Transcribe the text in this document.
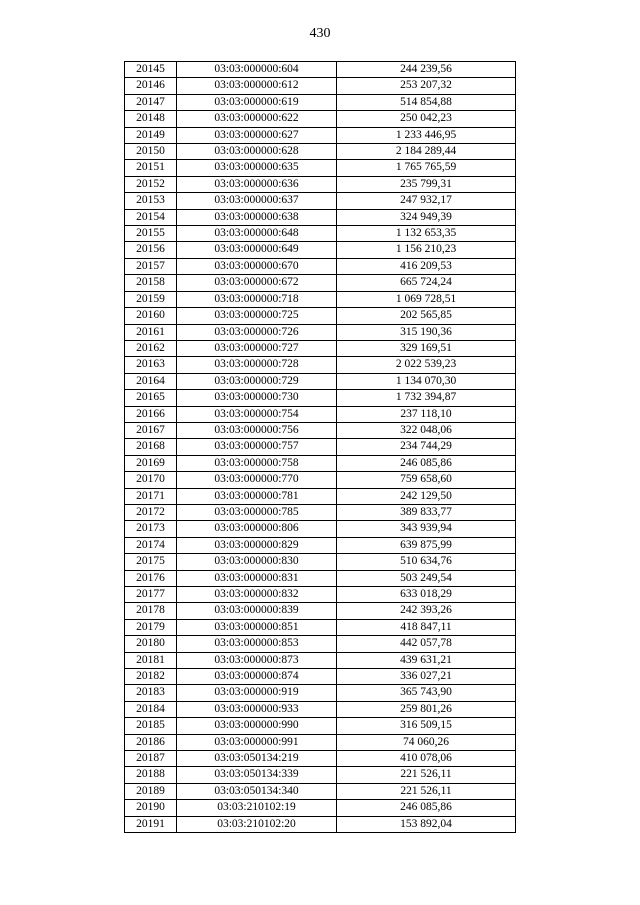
430
20145	03:03:000000:604	244 239,56
20146	03:03:000000:612	253 207,32
20147	03:03:000000:619	514 854,88
20148	03:03:000000:622	250 042,23
20149	03:03:000000:627	1 233 446,95
20150	03:03:000000:628	2 184 289,44
20151	03:03:000000:635	1 765 765,59
20152	03:03:000000:636	235 799,31
20153	03:03:000000:637	247 932,17
20154	03:03:000000:638	324 949,39
20155	03:03:000000:648	1 132 653,35
20156	03:03:000000:649	1 156 210,23
20157	03:03:000000:670	416 209,53
20158	03:03:000000:672	665 724,24
20159	03:03:000000:718	1 069 728,51
20160	03:03:000000:725	202 565,85
20161	03:03:000000:726	315 190,36
20162	03:03:000000:727	329 169,51
20163	03:03:000000:728	2 022 539,23
20164	03:03:000000:729	1 134 070,30
20165	03:03:000000:730	1 732 394,87
20166	03:03:000000:754	237 118,10
20167	03:03:000000:756	322 048,06
20168	03:03:000000:757	234 744,29
20169	03:03:000000:758	246 085,86
20170	03:03:000000:770	759 658,60
20171	03:03:000000:781	242 129,50
20172	03:03:000000:785	389 833,77
20173	03:03:000000:806	343 939,94
20174	03:03:000000:829	639 875,99
20175	03:03:000000:830	510 634,76
20176	03:03:000000:831	503 249,54
20177	03:03:000000:832	633 018,29
20178	03:03:000000:839	242 393,26
20179	03:03:000000:851	418 847,11
20180	03:03:000000:853	442 057,78
20181	03:03:000000:873	439 631,21
20182	03:03:000000:874	336 027,21
20183	03:03:000000:919	365 743,90
20184	03:03:000000:933	259 801,26
20185	03:03:000000:990	316 509,15
20186	03:03:000000:991	74 060,26
20187	03:03:050134:219	410 078,06
20188	03:03:050134:339	221 526,11
20189	03:03:050134:340	221 526,11
20190	03:03:210102:19	246 085,86
20191	03:03:210102:20	153 892,04
